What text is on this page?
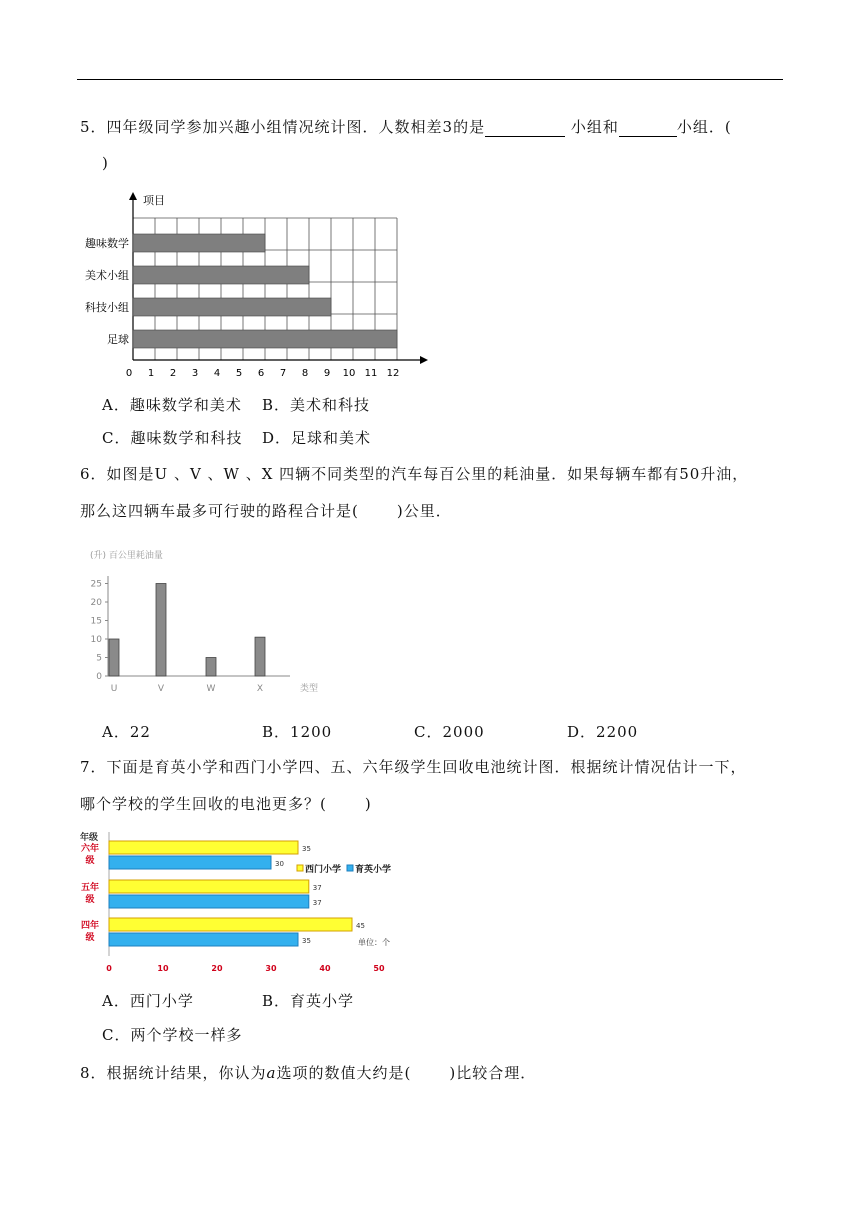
5．四年级同学参加兴趣小组情况统计图．人数相差3的是	小组和	小组．(
)
项目
趣味数学
美术小组
科技小组
足球
0 1 2 3 4 5 6 7 8 9 10 11 12
A．趣味数学和美术 B．美术和科技
C．趣味数学和科技 D．足球和美术
6．如图是U 、V 、W 、X 四辆不同类型的汽车每百公里的耗油量．如果每辆车都有50升油，
那么这四辆车最多可行驶的路程合计是(	)公里．
(升) 百公里耗油量
0
5
10
15
20
25
U	V	W	X	类型
A．22	B．1200	C．2000	D．2200
7．下面是育英小学和西门小学四、五、六年级学生回收电池统计图．根据统计情况估计一下，
哪个学校的学生回收的电池更多？(	)
年级
六年
级
35
30
五年
级
37
37
四年
级
45
35
西门小学 育英小学
单位：个
0	10	20	30	40	50
A．西门小学	B．育英小学
C．两个学校一样多
8．根据统计结果，你认为a选项的数值大约是(	)比较合理．
